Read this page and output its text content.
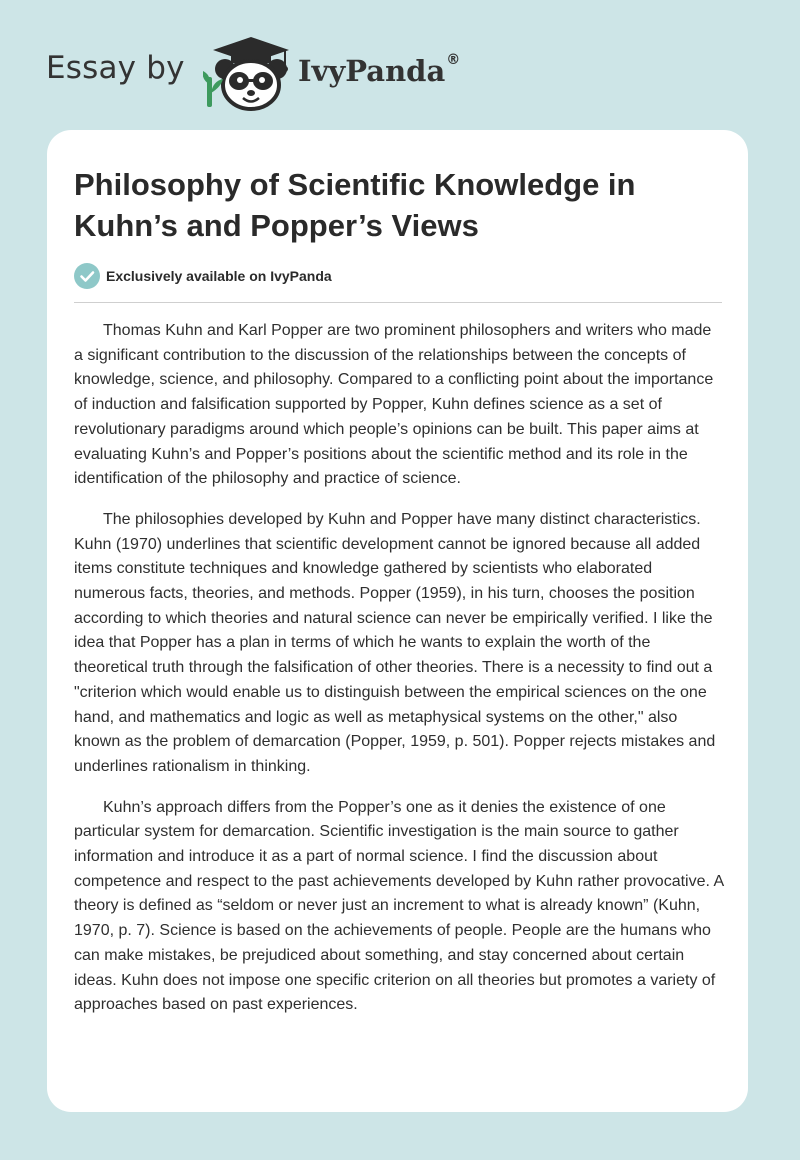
Essay by	IvyPanda®
Philosophy of Scientific Knowledge in Kuhn’s and Popper’s Views
Exclusively available on IvyPanda

Thomas Kuhn and Karl Popper are two prominent philosophers and writers who made a significant contribution to the discussion of the relationships between the concepts of knowledge, science, and philosophy. Compared to a conflicting point about the importance of induction and falsification supported by Popper, Kuhn defines science as a set of revolutionary paradigms around which people’s opinions can be built. This paper aims at evaluating Kuhn’s and Popper’s positions about the scientific method and its role in the identification of the philosophy and practice of science.

The philosophies developed by Kuhn and Popper have many distinct characteristics. Kuhn (1970) underlines that scientific development cannot be ignored because all added items constitute techniques and knowledge gathered by scientists who elaborated numerous facts, theories, and methods. Popper (1959), in his turn, chooses the position according to which theories and natural science can never be empirically verified. I like the idea that Popper has a plan in terms of which he wants to explain the worth of the theoretical truth through the falsification of other theories. There is a necessity to find out a "criterion which would enable us to distinguish between the empirical sciences on the one hand, and mathematics and logic as well as metaphysical systems on the other," also known as the problem of demarcation (Popper, 1959, p. 501). Popper rejects mistakes and underlines rationalism in thinking.

Kuhn’s approach differs from the Popper’s one as it denies the existence of one particular system for demarcation. Scientific investigation is the main source to gather information and introduce it as a part of normal science. I find the discussion about competence and respect to the past achievements developed by Kuhn rather provocative. A theory is defined as “seldom or never just an increment to what is already known” (Kuhn, 1970, p. 7). Science is based on the achievements of people. People are the humans who can make mistakes, be prejudiced about something, and stay concerned about certain ideas. Kuhn does not impose one specific criterion on all theories but promotes a variety of approaches based on past experiences.
